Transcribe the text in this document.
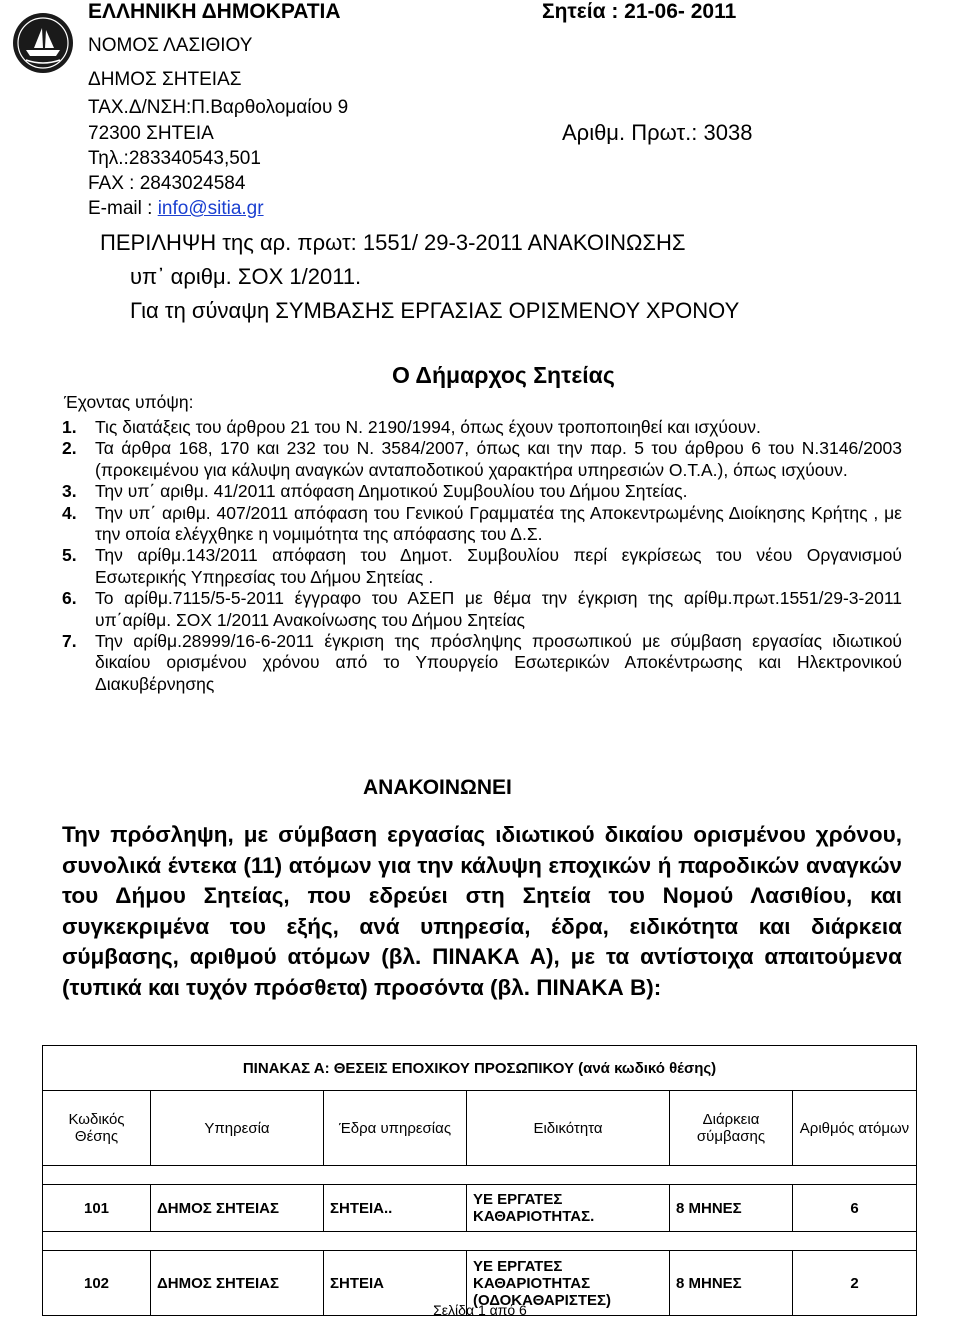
ΕΛΛΗΝΙΚΗ ΔΗΜΟΚΡΑΤΙΑ
ΝΟΜΟΣ ΛΑΣΙΘΙΟΥ
ΔΗΜΟΣ ΣΗΤΕΙΑΣ
ΤΑΧ.Δ/ΝΣΗ:Π.Βαρθολομαίου 9
72300 ΣΗΤΕΙΑ
Τηλ.:283340543,501
FAX : 2843024584
E-mail : info@sitia.gr
Σητεία : 21-06- 2011
Αριθμ. Πρωτ.: 3038
ΠΕΡΙΛΗΨΗ της αρ. πρωτ: 1551/ 29-3-2011 ΑΝΑΚΟΙΝΩΣΗΣ
υπ᾽ αριθμ. ΣΟΧ 1/2011.
Για τη σύναψη ΣΥΜΒΑΣΗΣ ΕΡΓΑΣΙΑΣ ΟΡΙΣΜΕΝΟΥ ΧΡΟΝΟΥ
Ο Δήμαρχος Σητείας
Έχοντας υπόψη:
1.	Τις διατάξεις του άρθρου 21 του Ν. 2190/1994, όπως έχουν τροποποιηθεί και ισχύουν.
2.	Τα άρθρα 168, 170 και 232 του Ν. 3584/2007, όπως και την παρ. 5 του άρθρου 6 του Ν.3146/2003 (προκειμένου για κάλυψη αναγκών ανταποδοτικού χαρακτήρα υπηρεσιών Ο.Τ.Α.), όπως ισχύουν.
3.	Την υπ΄ αριθμ. 41/2011 απόφαση Δημοτικού Συμβουλίου του Δήμου Σητείας.
4.	Την υπ΄ αριθμ. 407/2011 απόφαση του Γενικού Γραμματέα της Αποκεντρωμένης Διοίκησης Κρήτης , με την οποία ελέγχθηκε η νομιμότητα της απόφασης του Δ.Σ.
5.	Την αρίθμ.143/2011 απόφαση του Δημοτ. Συμβουλίου περί εγκρίσεως του νέου Οργανισμού Εσωτερικής Υπηρεσίας του Δήμου Σητείας .
6.	Το αρίθμ.7115/5-5-2011 έγγραφο του ΑΣΕΠ με θέμα την έγκριση της αρίθμ.πρωτ.1551/29-3-2011 υπ΄αρίθμ. ΣΟΧ 1/2011 Ανακοίνωσης του Δήμου Σητείας
7.	Την αρίθμ.28999/16-6-2011 έγκριση της πρόσληψης προσωπικού με σύμβαση εργασίας ιδιωτικού δικαίου ορισμένου χρόνου από το Υπουργείο Εσωτερικών Αποκέντρωσης και Ηλεκτρονικού Διακυβέρνησης
ΑΝΑΚΟΙΝΩΝΕΙ
Την πρόσληψη, με σύμβαση εργασίας ιδιωτικού δικαίου ορισμένου χρόνου, συνολικά έντεκα (11) ατόμων για την κάλυψη εποχικών ή παροδικών αναγκών του Δήμου Σητείας, που εδρεύει στη Σητεία του Νομού Λασιθίου, και συγκεκριμένα του εξής, ανά υπηρεσία, έδρα, ειδικότητα και διάρκεια σύμβασης, αριθμού ατόμων (βλ. ΠΙΝΑΚΑ Α), με τα αντίστοιχα απαιτούμενα (τυπικά και τυχόν πρόσθετα) προσόντα (βλ. ΠΙΝΑΚΑ Β):
ΠΙΝΑΚΑΣ Α: ΘΕΣΕΙΣ ΕΠΟΧΙΚΟΥ ΠΡΟΣΩΠΙΚΟΥ (ανά κωδικό θέσης)					
Κωδικός Θέσης	Υπηρεσία	Έδρα υπηρεσίας	Ειδικότητα	Διάρκεια σύμβασης	Αριθμός ατόμων

101	ΔΗΜΟΣ ΣΗΤΕΙΑΣ	ΣΗΤΕΙΑ..	ΥΕ ΕΡΓΑΤΕΣ ΚΑΘΑΡΙΟΤΗΤΑΣ.	8 ΜΗΝΕΣ	6

102	ΔΗΜΟΣ ΣΗΤΕΙΑΣ	ΣΗΤΕΙΑ	ΥΕ ΕΡΓΑΤΕΣ ΚΑΘΑΡΙΟΤΗΤΑΣ (ΟΔΟΚΑΘΑΡΙΣΤΕΣ)	8 ΜΗΝΕΣ	2
Σελίδα 1 από 6
